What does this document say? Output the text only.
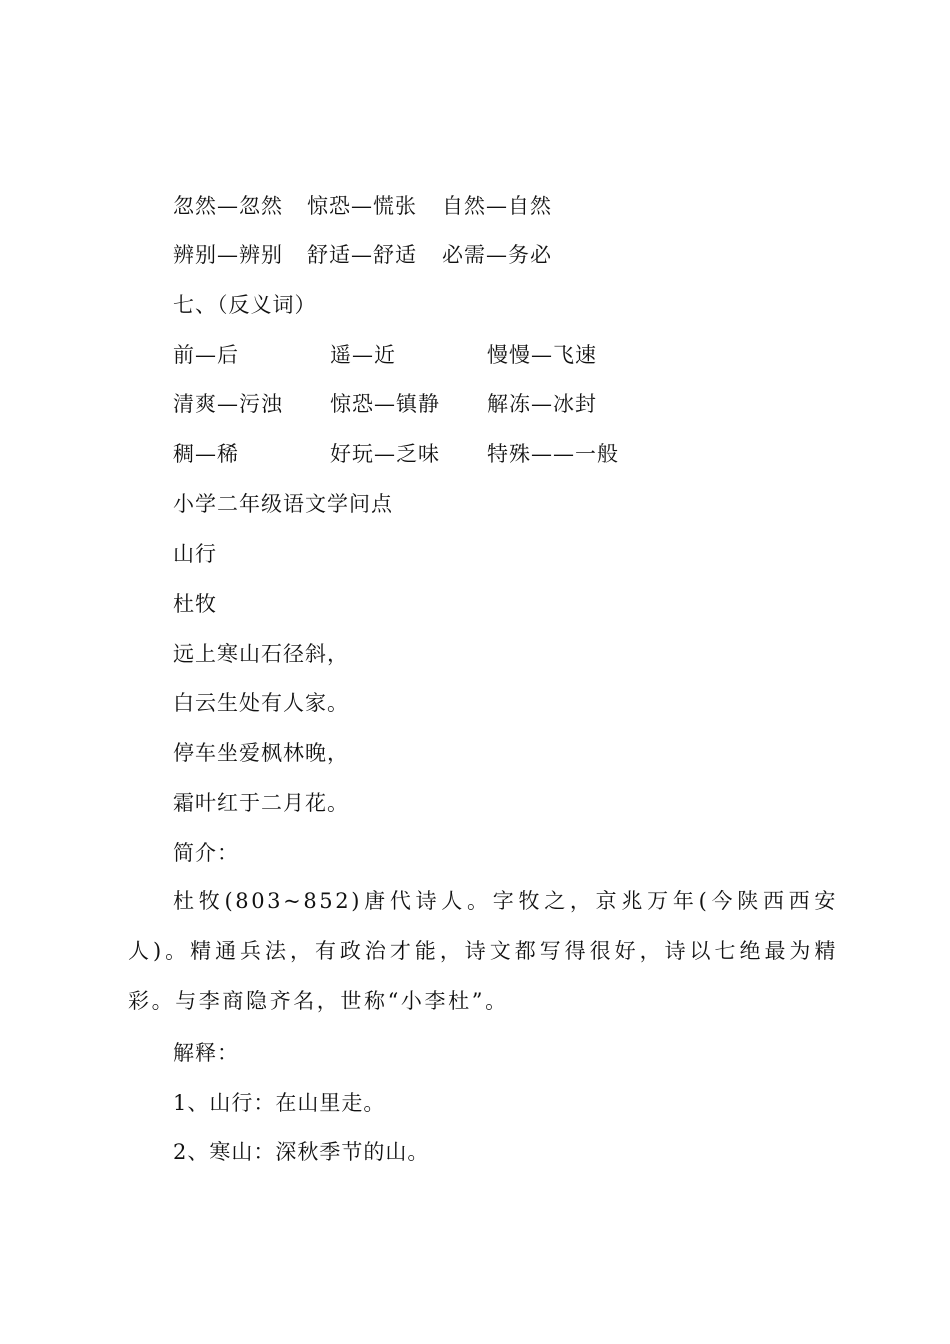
忽然—忽然 惊恐—慌张 自然—自然
辨别—辨别 舒适—舒适 必需—务必
七、（反义词）
前—后	遥—近	慢慢—飞速
清爽—污浊 惊恐—镇静 解冻—冰封
稠—稀	好玩—乏味 特殊——一般
小学二年级语文学问点
山行
杜牧
远上寒山石径斜，
白云生处有人家。
停车坐爱枫林晚，
霜叶红于二月花。
简介：
杜牧(803~852)唐代诗人。字牧之，京兆万年(今陕西西安人)。精通兵法，有政治才能，诗文都写得很好，诗以七绝最为精彩。与李商隐齐名，世称“小李杜”。
解释：
1、山行：在山里走。
2、寒山：深秋季节的山。
